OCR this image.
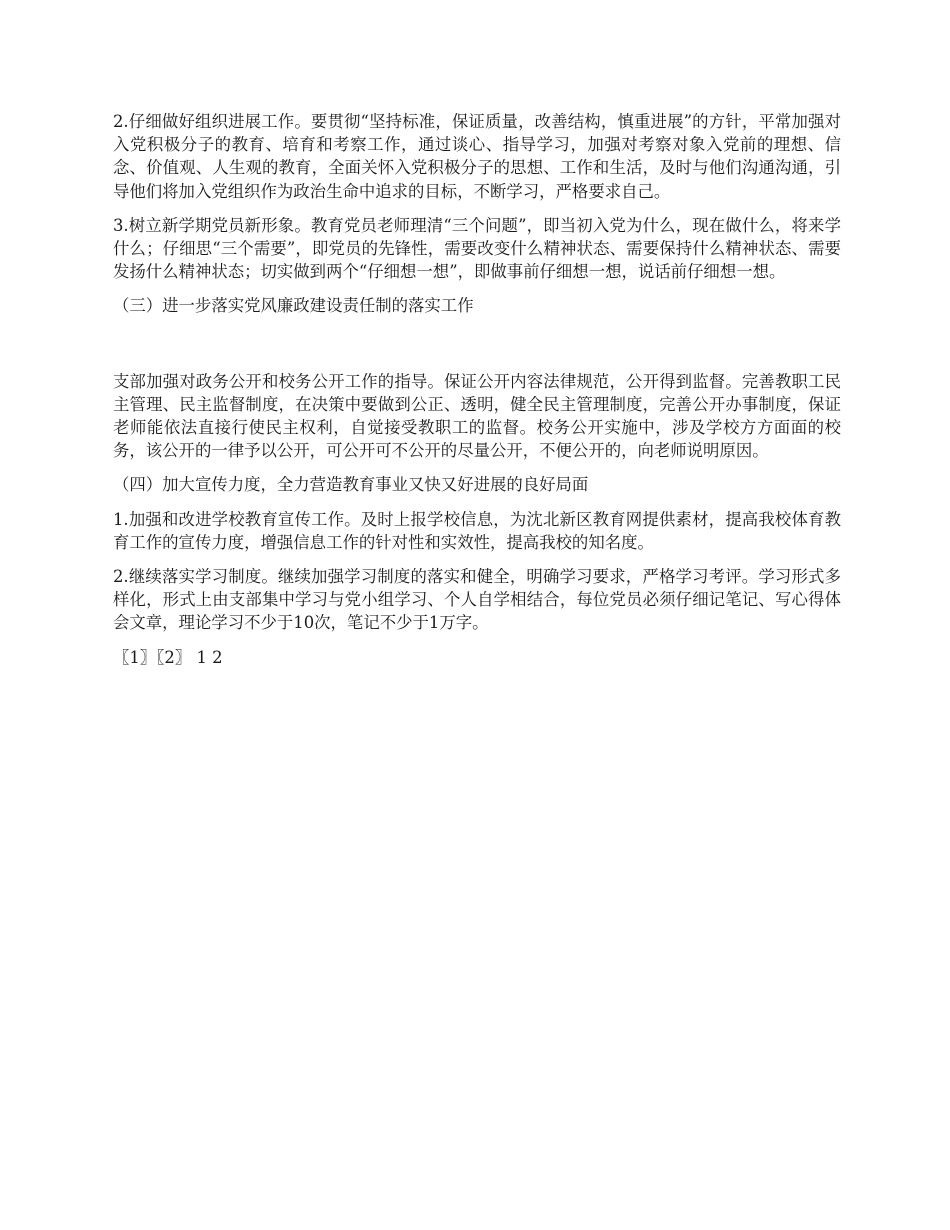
2.仔细做好组织进展工作。要贯彻“坚持标准，保证质量，改善结构，慎重进展”的方针，平常加强对入党积极分子的教育、培育和考察工作，通过谈心、指导学习，加强对考察对象入党前的理想、信念、价值观、人生观的教育，全面关怀入党积极分子的思想、工作和生活，及时与他们沟通沟通，引导他们将加入党组织作为政治生命中追求的目标，不断学习，严格要求自己。

3.树立新学期党员新形象。教育党员老师理清“三个问题”，即当初入党为什么，现在做什么，将来学什么；仔细思“三个需要”，即党员的先锋性，需要改变什么精神状态、需要保持什么精神状态、需要发扬什么精神状态；切实做到两个“仔细想一想”，即做事前仔细想一想，说话前仔细想一想。

（三）进一步落实党风廉政建设责任制的落实工作

支部加强对政务公开和校务公开工作的指导。保证公开内容法律规范，公开得到监督。完善教职工民主管理、民主监督制度，在决策中要做到公正、透明，健全民主管理制度，完善公开办事制度，保证老师能依法直接行使民主权利，自觉接受教职工的监督。校务公开实施中，涉及学校方方面面的校务，该公开的一律予以公开，可公开可不公开的尽量公开，不便公开的，向老师说明原因。

（四）加大宣传力度，全力营造教育事业又快又好进展的良好局面

1.加强和改进学校教育宣传工作。及时上报学校信息，为沈北新区教育网提供素材，提高我校体育教育工作的宣传力度，增强信息工作的针对性和实效性，提高我校的知名度。

2.继续落实学习制度。继续加强学习制度的落实和健全，明确学习要求，严格学习考评。学习形式多样化，形式上由支部集中学习与党小组学习、个人自学相结合，每位党员必须仔细记笔记、写心得体会文章，理论学习不少于10次，笔记不少于1万字。

〖1〗〖2〗 1 2
